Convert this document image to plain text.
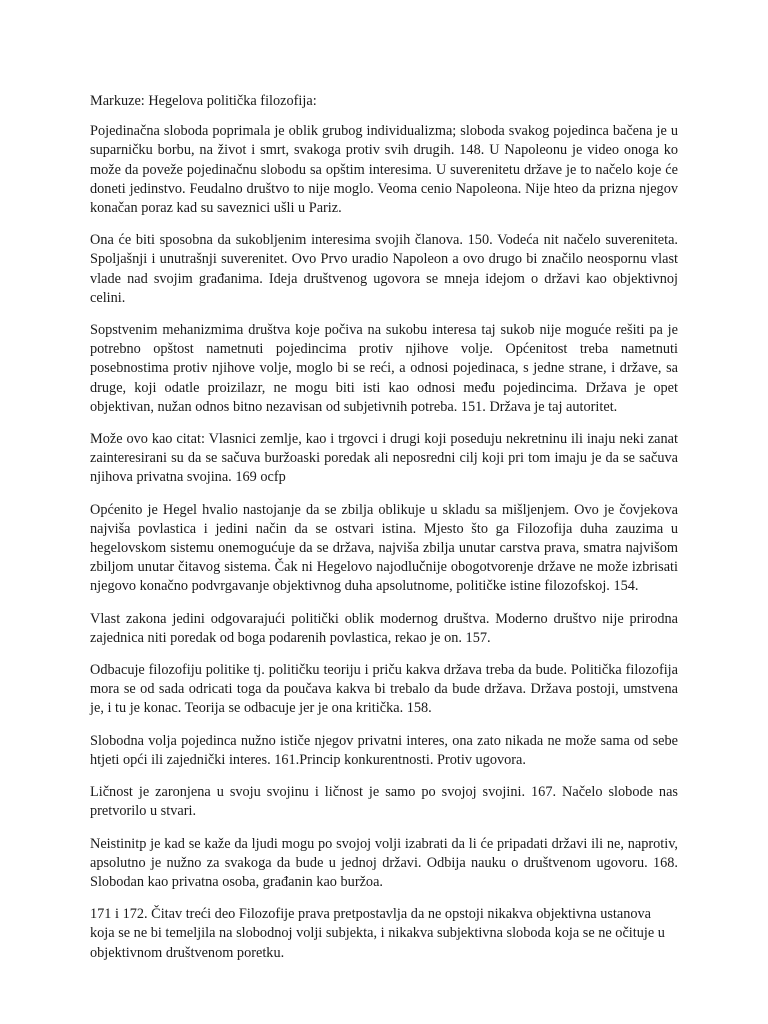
Markuze: Hegelova politička filozofija:

Pojedinačna sloboda poprimala je oblik grubog individualizma; sloboda svakog pojedinca bačena je u suparničku borbu, na život i smrt, svakoga protiv svih drugih. 148. U Napoleonu je video onoga ko može da poveže pojedinačnu slobodu sa opštim interesima. U suverenitetu države je to načelo koje će doneti jedinstvo. Feudalno društvo to nije moglo. Veoma cenio Napoleona. Nije hteo da prizna njegov konačan poraz kad su saveznici ušli u Pariz.

Ona će biti sposobna da sukobljenim interesima svojih članova. 150. Vodeća nit načelo suvereniteta. Spoljašnji i unutrašnji suverenitet. Ovo Prvo uradio Napoleon a ovo drugo bi značilo neospornu vlast vlade nad svojim građanima. Ideja društvenog ugovora se mneja idejom o državi kao objektivnoj celini.

Sopstvenim mehanizmima društva koje počiva na sukobu interesa taj sukob nije moguće rešiti pa je potrebno opštost nametnuti pojedincima protiv njihove volje. Općenitost treba nametnuti posebnostima protiv njihove volje, moglo bi se reći, a odnosi pojedinaca, s jedne strane, i države, sa druge, koji odatle proizilazr, ne mogu biti isti kao odnosi među pojedincima. Država je opet objektivan, nužan odnos bitno nezavisan od subjetivnih potreba. 151. Država je taj autoritet.

Može ovo kao citat: Vlasnici zemlje, kao i trgovci i drugi koji poseduju nekretninu ili inaju neki zanat zainteresirani su da se sačuva buržoaski poredak ali neposredni cilj koji pri tom imaju je da se sačuva njihova privatna svojina. 169 ocfp

Općenito je Hegel hvalio nastojanje da se zbilja oblikuje u skladu sa mišljenjem. Ovo je čovjekova najviša povlastica i jedini način da se ostvari istina. Mjesto što ga Filozofija duha zauzima u hegelovskom sistemu onemogućuje da se država, najviša zbilja unutar carstva prava, smatra najvišom zbiljom unutar čitavog sistema. Čak ni Hegelovo najodlučnije obogotvorenje države ne može izbrisati njegovo konačno podvrgavanje objektivnog duha apsolutnome, političke istine filozofskoj. 154.

Vlast zakona jedini odgovarajući politički oblik modernog društva. Moderno društvo nije prirodna zajednica niti poredak od boga podarenih povlastica, rekao je on. 157.

Odbacuje filozofiju politike tj. političku teoriju i priču kakva država treba da bude. Politička filozofija mora se od sada odricati toga da poučava kakva bi trebalo da bude država. Država postoji, umstvena je, i tu je konac. Teorija se odbacuje jer je ona kritička. 158.

Slobodna volja pojedinca nužno ističe njegov privatni interes, ona zato nikada ne može sama od sebe htjeti opći ili zajednički interes. 161.Princip konkurentnosti. Protiv ugovora.

Ličnost je zaronjena u svoju svojinu i ličnost je samo po svojoj svojini. 167. Načelo slobode nas pretvorilo u stvari.

Neistinitp je kad se kaže da ljudi mogu po svojoj volji izabrati da li će pripadati državi ili ne, naprotiv, apsolutno je nužno za svakoga da bude u jednoj državi. Odbija nauku o društvenom ugovoru. 168. Slobodan kao privatna osoba, građanin kao buržoa.

171 i 172. Čitav treći deo Filozofije prava pretpostavlja da ne opstoji nikakva objektivna ustanova koja se ne bi temeljila na slobodnoj volji subjekta, i nikakva subjektivna sloboda koja se ne očituje u objektivnom društvenom poretku.
